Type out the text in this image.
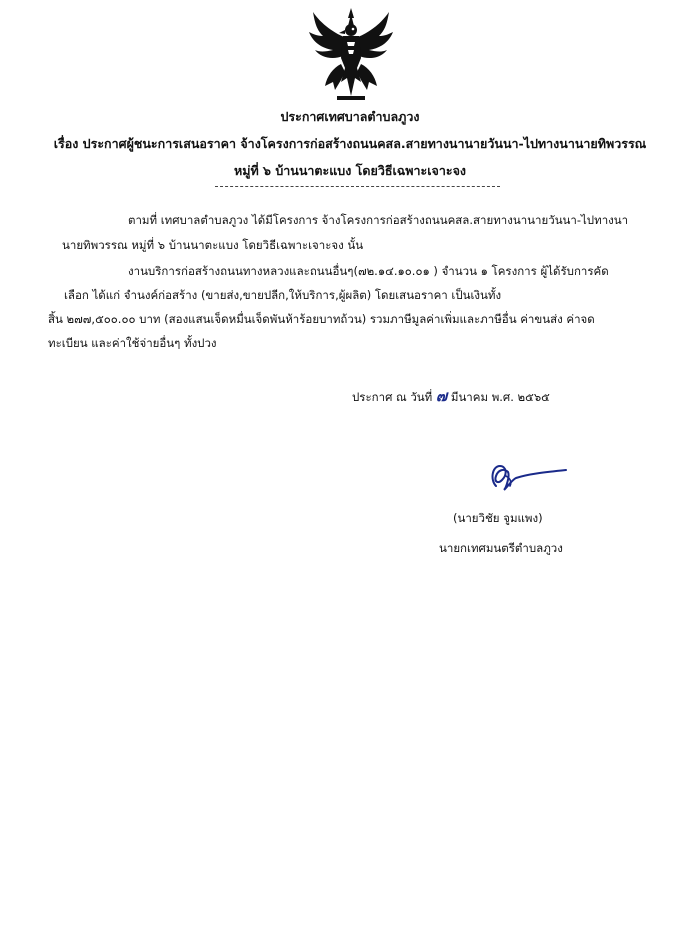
ประกาศเทศบาลตำบลภูวง
เรื่อง ประกาศผู้ชนะการเสนอราคา จ้างโครงการก่อสร้างถนนคสล.สายทางนานายวันนา-ไปทางนานายทิพวรรณ
หมู่ที่ ๖ บ้านนาตะแบง โดยวิธีเฉพาะเจาะจง
ตามที่ เทศบาลตำบลภูวง ได้มีโครงการ จ้างโครงการก่อสร้างถนนคสล.สายทางนานายวันนา-ไปทางนา
นายทิพวรรณ หมู่ที่ ๖ บ้านนาตะแบง โดยวิธีเฉพาะเจาะจง นั้น
งานบริการก่อสร้างถนนทางหลวงและถนนอื่นๆ(๗๒.๑๔.๑๐.๐๑ ) จำนวน ๑ โครงการ ผู้ได้รับการคัด
เลือก ได้แก่ จำนงค์ก่อสร้าง (ขายส่ง,ขายปลีก,ให้บริการ,ผู้ผลิต) โดยเสนอราคา เป็นเงินทั้ง
สิ้น ๒๗๗,๕๐๐.๐๐ บาท (สองแสนเจ็ดหมื่นเจ็ดพันห้าร้อยบาทถ้วน) รวมภาษีมูลค่าเพิ่มและภาษีอื่น ค่าขนส่ง ค่าจด
ทะเบียน และค่าใช้จ่ายอื่นๆ ทั้งปวง
ประกาศ ณ วันที่ ๗ มีนาคม พ.ศ. ๒๕๖๕
(นายวิชัย จูมแพง)
นายกเทศมนตรีตำบลภูวง
